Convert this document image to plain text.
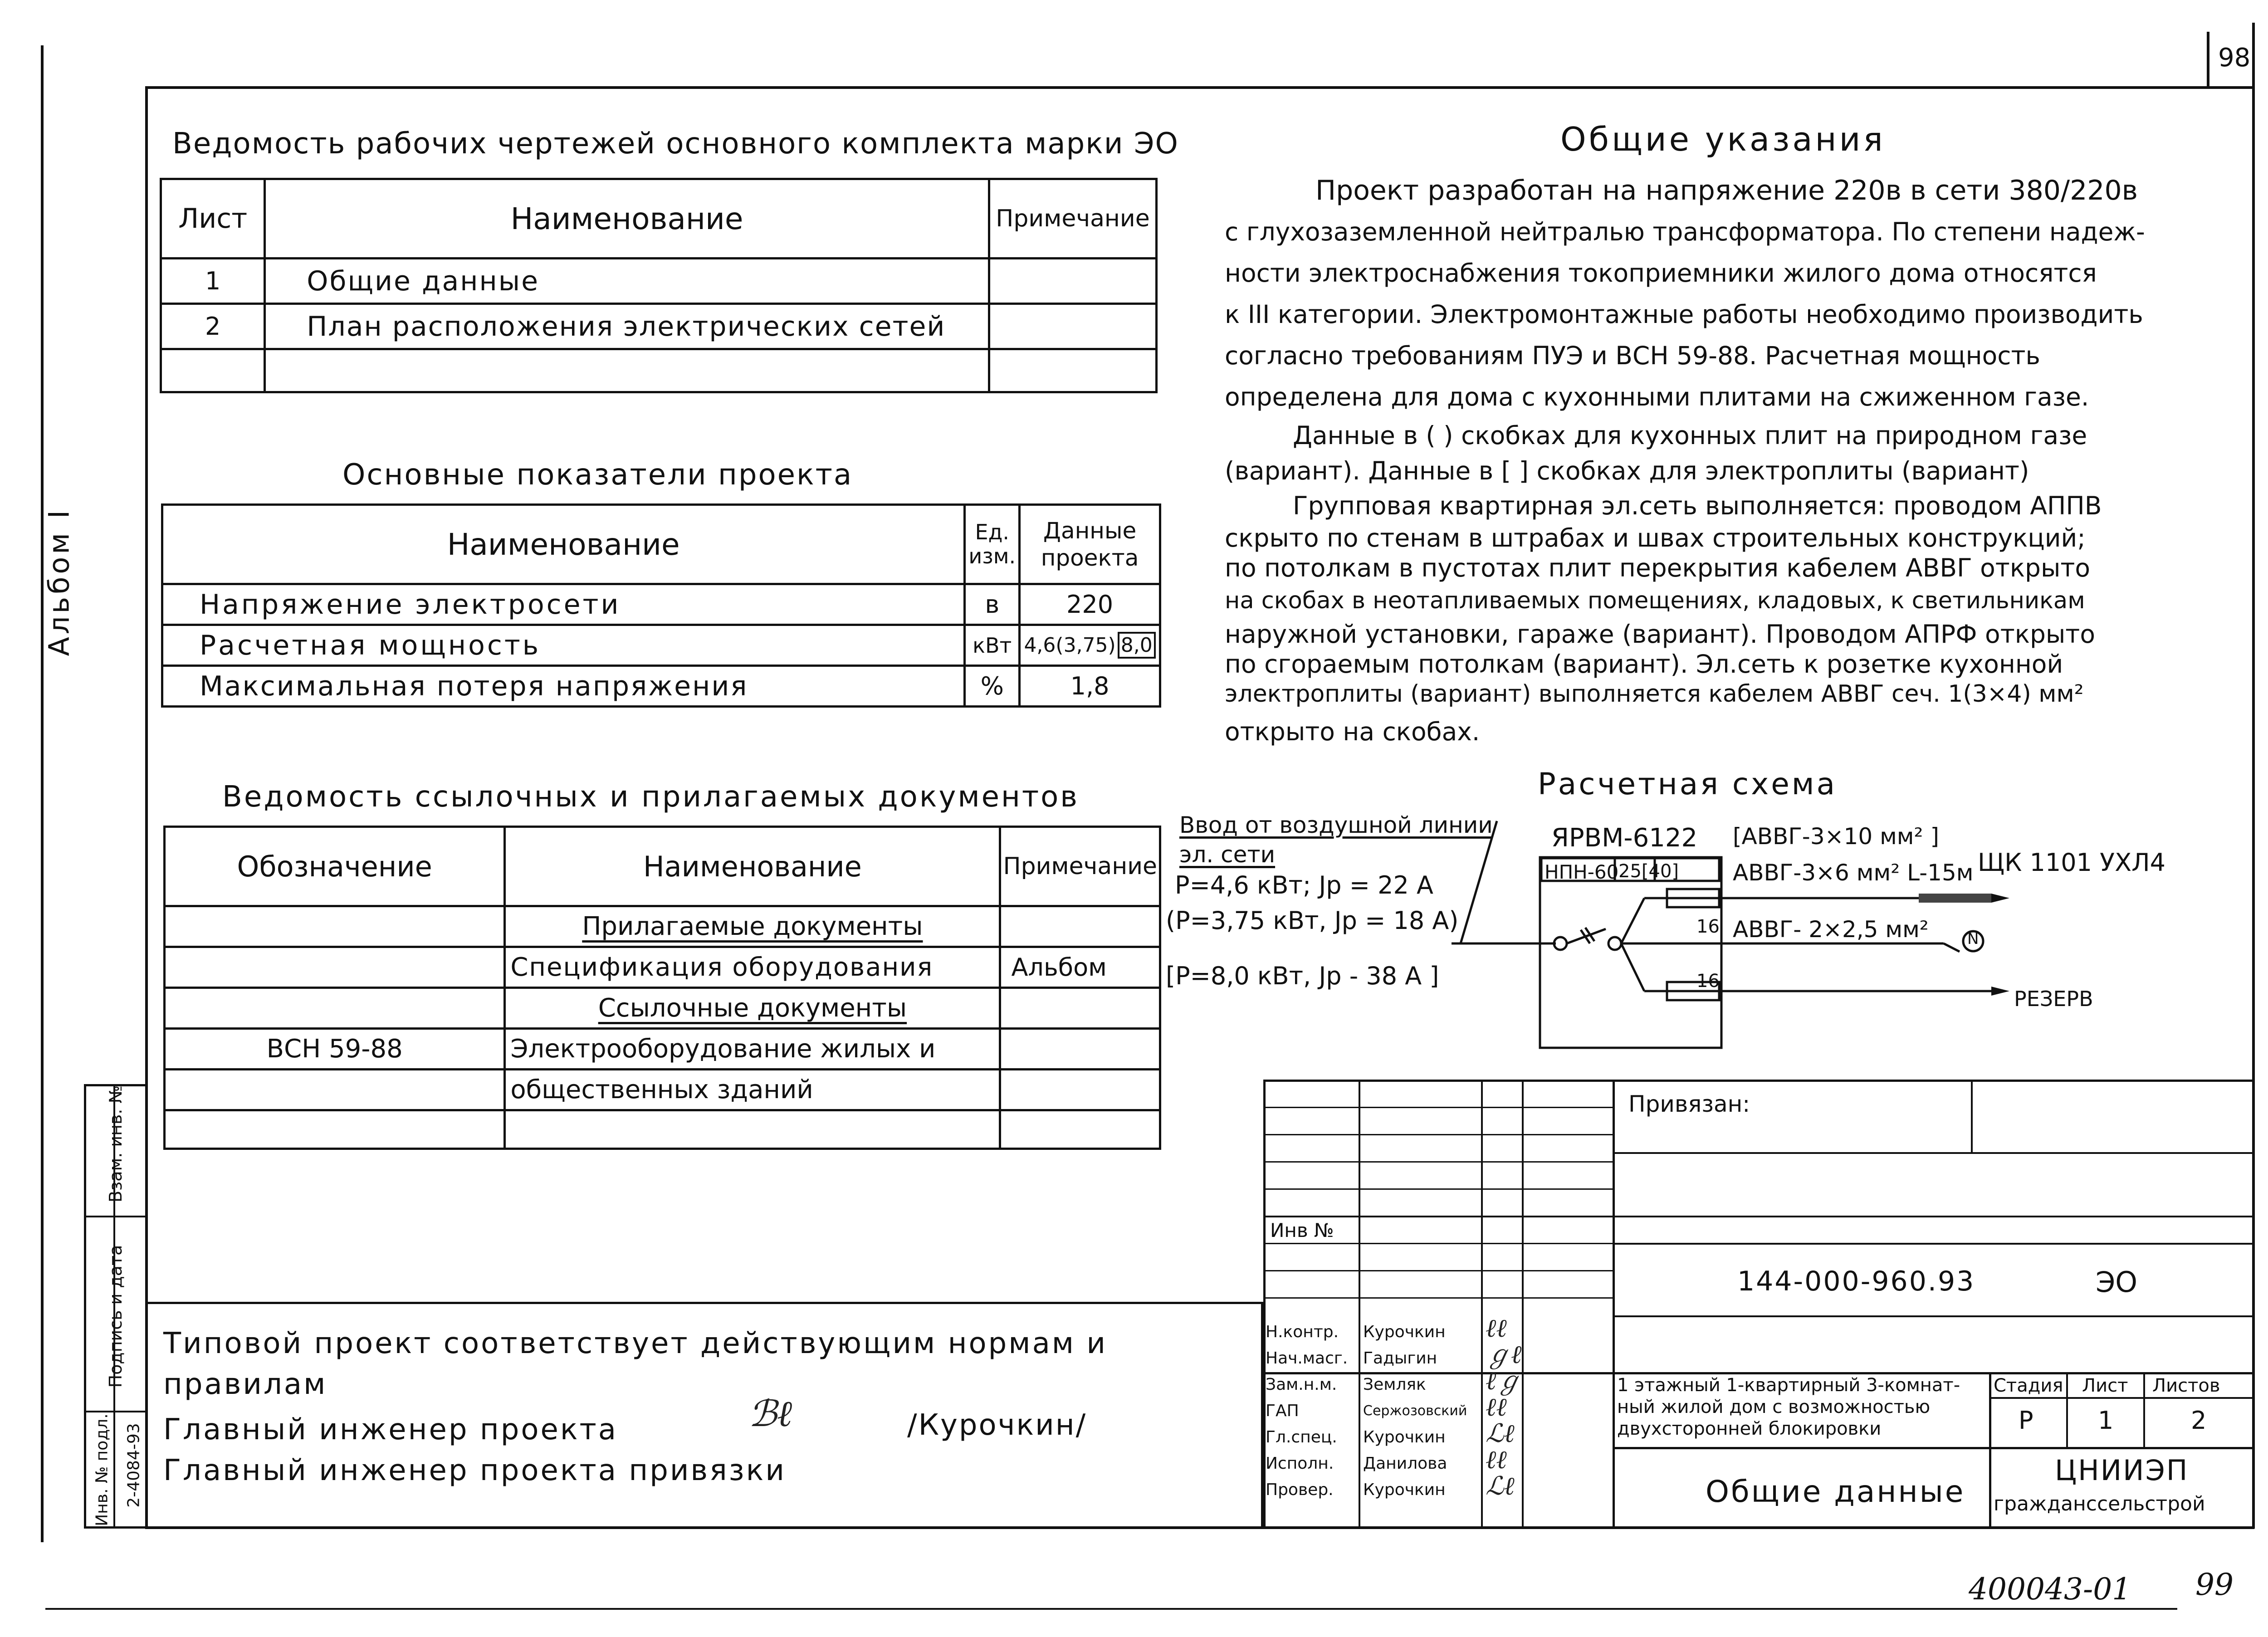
98
Альбом I
Ведомость рабочих чертежей основного комплекта марки ЭО
Лист	Наименование	Примечание
1	Общие данные	
2	План расположения электрических сетей	

Основные показатели проекта
Наименование	Ед. изм.	Данные проекта
Напряжение электросети	в	220
Расчетная мощность	кВт	4,6(3,75) 8,0
Максимальная потеря напряжения	%	1,8
Ведомость ссылочных и прилагаемых документов
Обозначение	Наименование	Примечание
	Прилагаемые документы	
	Спецификация оборудования	Альбом
	Ссылочные документы	
ВСН 59-88	Электрооборудование жилых и	
	общественных зданий	

Общие указания
Проект разработан на напряжение 220в в сети 380/220в
с глухозаземленной нейтралью трансформатора. По степени надеж-
ности электроснабжения токоприемники жилого дома относятся
к III категории. Электромонтажные работы необходимо производить
согласно требованиям ПУЭ и ВСН 59-88. Расчетная мощность
определена для дома с кухонными плитами на сжиженном газе.
Данные в ( ) скобках для кухонных плит на природном газе
(вариант). Данные в [ ] скобках для электроплиты (вариант)
Групповая квартирная эл.сеть выполняется: проводом АППВ
скрыто по стенам в штрабах и швах строительных конструкций;
по потолкам в пустотах плит перекрытия кабелем АВВГ открыто
на скобах в неотапливаемых помещениях, кладовых, к светильникам
наружной установки, гараже (вариант). Проводом АПРФ открыто
по сгораемым потолкам (вариант). Эл.сеть к розетке кухонной
электроплиты (вариант) выполняется кабелем АВВГ сеч. 1(3×4) мм²
открыто на скобах.
Расчетная схема
Ввод от воздушной линии
эл. сети
P=4,6 кВт; Jр = 22 А
(P=3,75 кВт, Jр = 18 А)
[P=8,0 кВт, Jр - 38 А ]
ЯРВМ-6122 [АВВГ-3×10 мм² ]
АВВГ-3×6 мм² L-15м
АВВГ- 2×2,5 мм²
ЩК 1101 УХЛ4
РЕЗЕРВ
НПН-60 25[40]
16
16
N
Взам. инв. №
Подпись и дата
Инв. № подл. 2-4084-93
Типовой проект соответствует действующим нормам и
правилам
Главный инженер проекта	ℬℓ	/Курочкин/
Главный инженер проекта привязки
Привязан:
Инв №
144-000-960.93	ЭО
Н.контр.	Курочкин
Нач.масг. Гадыгин
Зам.н.м.	Земляк
ГАП	Сержозовский
Гл.спец.	Курочкин
Исполн.	Данилова
Провер.	Курочкин
ℓℓ
ℊℓ
ℓℊ
ℓℓ
ℒℓ
ℓℓ
ℒℓ
1 этажный 1-квартирный 3-комнат-
ный жилой дом с возможностью
двухсторонней блокировки
Стадия Лист Листов
Р	1	2
Общие данные
ЦНИИЭП
гражданссельстрой
400043-01 99
